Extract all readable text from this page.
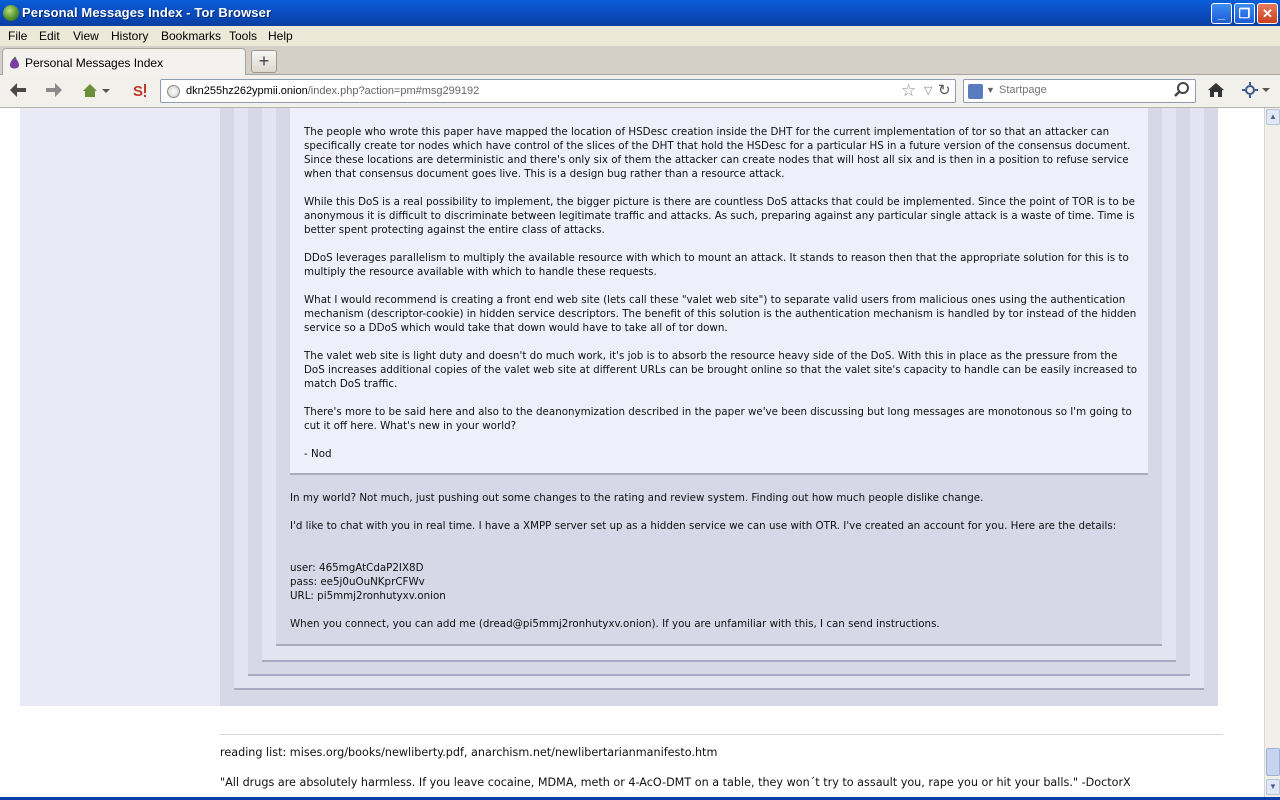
Personal Messages Index - Tor Browser	_	❐ ✕
File Edit View History Bookmarks Tools Help
Personal Messages Index	+
S	dkn255hz262ypmii.onion/index.php?action=pm#msg299192	☆ ▽ ↻	▼
Startpage
The people who wrote this paper have mapped the location of HSDesc creation inside the DHT for the current implementation of tor so that an attacker can specifically create tor nodes which have control of the slices of the DHT that hold the HSDesc for a particular HS in a future version of the consensus document. Since these locations are deterministic and there's only six of them the attacker can create nodes that will host all six and is then in a position to refuse service when that consensus document goes live. This is a design bug rather than a resource attack.
While this DoS is a real possibility to implement, the bigger picture is there are countless DoS attacks that could be implemented. Since the point of TOR is to be anonymous it is difficult to discriminate between legitimate traffic and attacks. As such, preparing against any particular single attack is a waste of time. Time is better spent protecting against the entire class of attacks.
DDoS leverages parallelism to multiply the available resource with which to mount an attack. It stands to reason then that the appropriate solution for this is to multiply the resource available with which to handle these requests.
What I would recommend is creating a front end web site (lets call these "valet web site") to separate valid users from malicious ones using the authentication mechanism (descriptor-cookie) in hidden service descriptors. The benefit of this solution is the authentication mechanism is handled by tor instead of the hidden service so a DDoS which would take that down would have to take all of tor down.
The valet web site is light duty and doesn't do much work, it's job is to absorb the resource heavy side of the DoS. With this in place as the pressure from the DoS increases additional copies of the valet web site at different URLs can be brought online so that the valet site's capacity to handle can be easily increased to match DoS traffic.
There's more to be said here and also to the deanonymization described in the paper we've been discussing but long messages are monotonous so I'm going to cut it off here. What's new in your world?
- Nod
In my world? Not much, just pushing out some changes to the rating and review system. Finding out how much people dislike change.
I'd like to chat with you in real time. I have a XMPP server set up as a hidden service we can use with OTR. I've created an account for you. Here are the details:
user: 465mgAtCdaP2IX8D
pass: ee5j0uOuNKprCFWv
URL: pi5mmj2ronhutyxv.onion
When you connect, you can add me (dread@pi5mmj2ronhutyxv.onion). If you are unfamiliar with this, I can send instructions.
reading list: mises.org/books/newliberty.pdf, anarchism.net/newlibertarianmanifesto.htm
"All drugs are absolutely harmless. If you leave cocaine, MDMA, meth or 4-AcO-DMT on a table, they won´t try to assault you, rape you or hit your balls." -DoctorX
▲
▼
